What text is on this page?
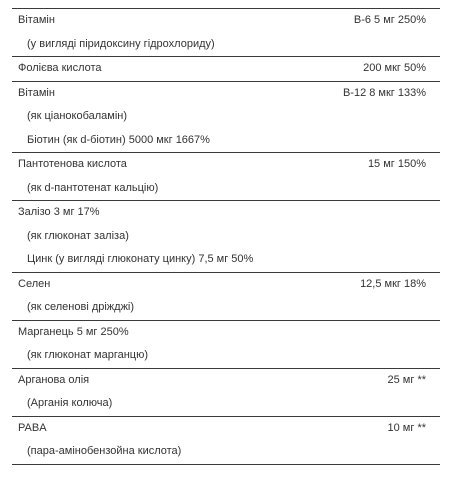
Вітамін	B-6 5 мг 250%
(у вигляді піридоксину гідрохлориду)
Фолієва кислота	200 мкг 50%
Вітамін	B-12 8 мкг 133%
(як ціанокобаламін)
Біотин (як d-біотин) 5000 мкг 1667%
Пантотенова кислота	15 мг 150%
(як d-пантотенат кальцію)
Залізо 3 мг 17%
(як глюконат заліза)
Цинк (у вигляді глюконату цинку) 7,5 мг 50%
Селен	12,5 мкг 18%
(як селенові дріжджі)
Марганець 5 мг 250%
(як глюконат марганцю)
Арганова олія	25 мг **
(Арганія колюча)
PABA	10 мг **
(пара-амінобензойна кислота)
